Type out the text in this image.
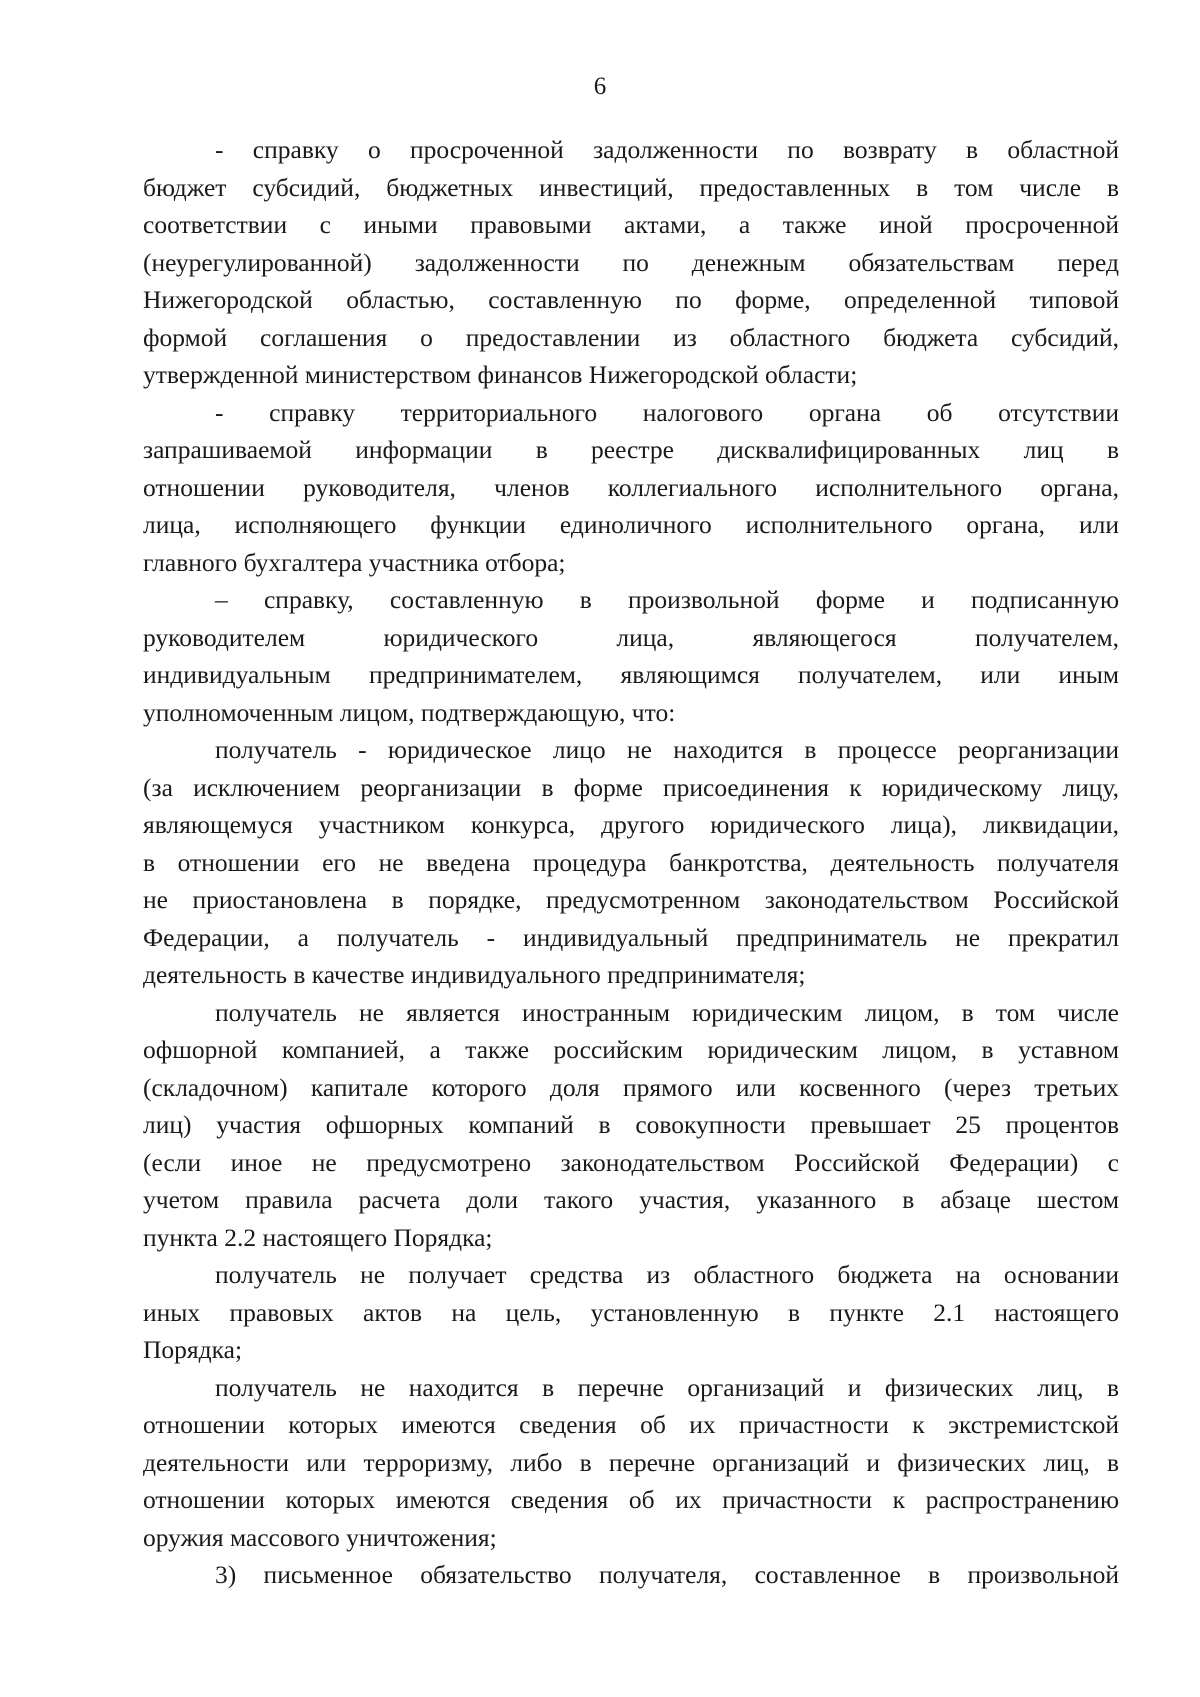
6
- справку о просроченной задолженности по возврату в областной
бюджет субсидий, бюджетных инвестиций, предоставленных в том числе в
соответствии с иными правовыми актами, а также иной просроченной
(неурегулированной) задолженности по денежным обязательствам перед
Нижегородской областью, составленную по форме, определенной типовой
формой соглашения о предоставлении из областного бюджета субсидий,
утвержденной министерством финансов Нижегородской области;
- справку территориального налогового органа об отсутствии
запрашиваемой информации в реестре дисквалифицированных лиц в
отношении руководителя, членов коллегиального исполнительного органа,
лица, исполняющего функции единоличного исполнительного органа, или
главного бухгалтера участника отбора;
– справку, составленную в произвольной форме и подписанную
руководителем юридического лица, являющегося получателем,
индивидуальным предпринимателем, являющимся получателем, или иным
уполномоченным лицом, подтверждающую, что:
получатель - юридическое лицо не находится в процессе реорганизации
(за исключением реорганизации в форме присоединения к юридическому лицу,
являющемуся участником конкурса, другого юридического лица), ликвидации,
в отношении его не введена процедура банкротства, деятельность получателя
не приостановлена в порядке, предусмотренном законодательством Российской
Федерации, а получатель - индивидуальный предприниматель не прекратил
деятельность в качестве индивидуального предпринимателя;
получатель не является иностранным юридическим лицом, в том числе
офшорной компанией, а также российским юридическим лицом, в уставном
(складочном) капитале которого доля прямого или косвенного (через третьих
лиц) участия офшорных компаний в совокупности превышает 25 процентов
(если иное не предусмотрено законодательством Российской Федерации) с
учетом правила расчета доли такого участия, указанного в абзаце шестом
пункта 2.2 настоящего Порядка;
получатель не получает средства из областного бюджета на основании
иных правовых актов на цель, установленную в пункте 2.1 настоящего
Порядка;
получатель не находится в перечне организаций и физических лиц, в
отношении которых имеются сведения об их причастности к экстремистской
деятельности или терроризму, либо в перечне организаций и физических лиц, в
отношении которых имеются сведения об их причастности к распространению
оружия массового уничтожения;
3) письменное обязательство получателя, составленное в произвольной
